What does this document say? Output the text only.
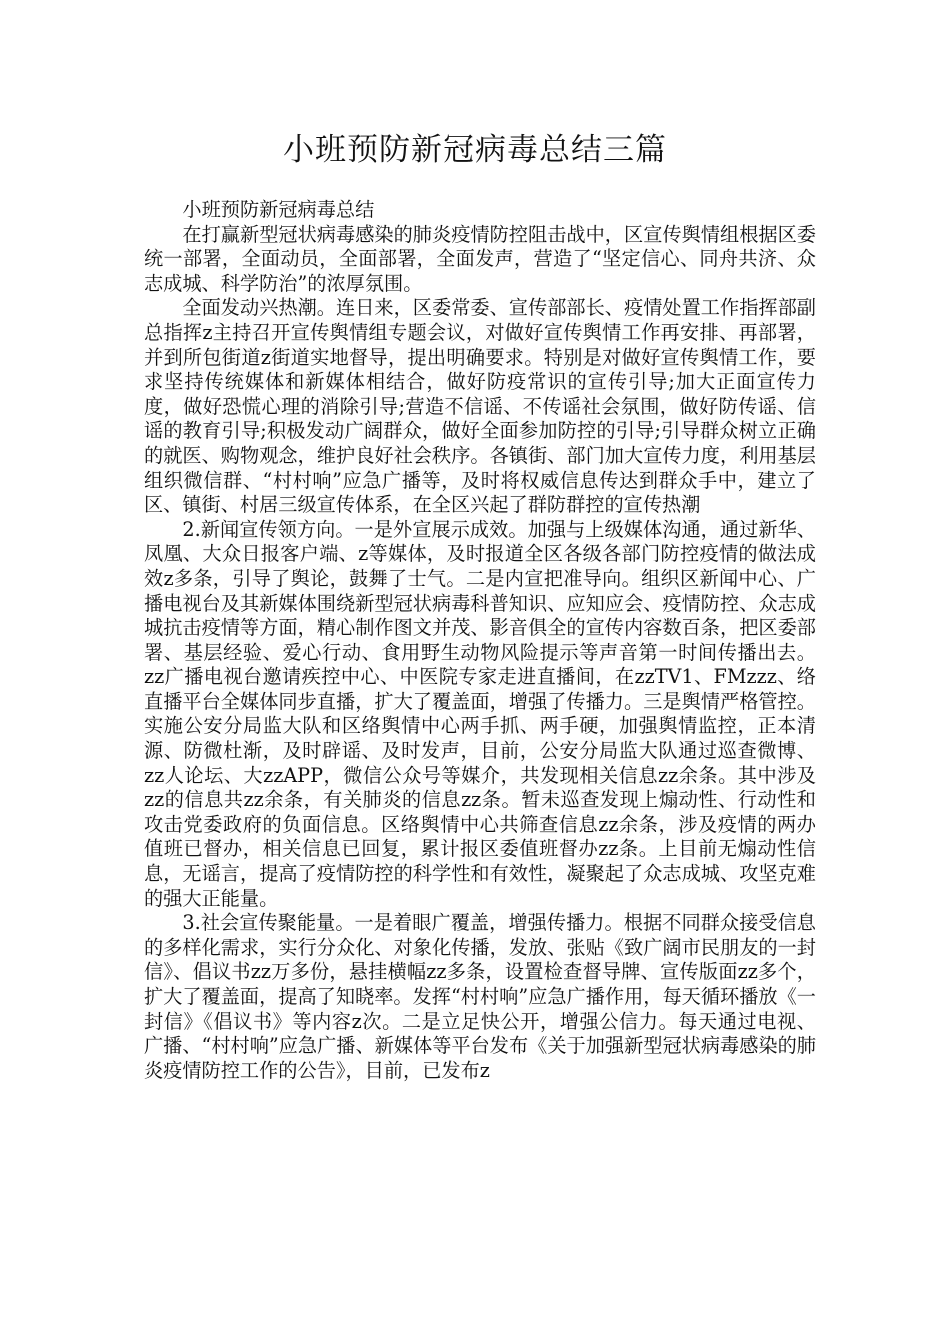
小班预防新冠病毒总结三篇

小班预防新冠病毒总结

在打赢新型冠状病毒感染的肺炎疫情防控阻击战中，区宣传舆情组根据区委统一部署，全面动员，全面部署，全面发声，营造了“坚定信心、同舟共济、众志成城、科学防治”的浓厚氛围。

全面发动兴热潮。连日来，区委常委、宣传部部长、疫情处置工作指挥部副总指挥z主持召开宣传舆情组专题会议，对做好宣传舆情工作再安排、再部署，并到所包街道z街道实地督导，提出明确要求。特别是对做好宣传舆情工作，要求坚持传统媒体和新媒体相结合，做好防疫常识的宣传引导;加大正面宣传力度，做好恐慌心理的消除引导;营造不信谣、不传谣社会氛围，做好防传谣、信谣的教育引导;积极发动广阔群众，做好全面参加防控的引导;引导群众树立正确的就医、购物观念，维护良好社会秩序。各镇街、部门加大宣传力度，利用基层组织微信群、“村村响”应急广播等，及时将权威信息传达到群众手中，建立了区、镇街、村居三级宣传体系，在全区兴起了群防群控的宣传热潮

2.新闻宣传领方向。一是外宣展示成效。加强与上级媒体沟通，通过新华、凤凰、大众日报客户端、z等媒体，及时报道全区各级各部门防控疫情的做法成效z多条，引导了舆论，鼓舞了士气。二是内宣把准导向。组织区新闻中心、广播电视台及其新媒体围绕新型冠状病毒科普知识、应知应会、疫情防控、众志成城抗击疫情等方面，精心制作图文并茂、影音俱全的宣传内容数百条，把区委部署、基层经验、爱心行动、食用野生动物风险提示等声音第一时间传播出去。zz广播电视台邀请疾控中心、中医院专家走进直播间，在zzTV1、FMzzz、络直播平台全媒体同步直播，扩大了覆盖面，增强了传播力。三是舆情严格管控。实施公安分局监大队和区络舆情中心两手抓、两手硬，加强舆情监控，正本清源、防微杜渐，及时辟谣、及时发声，目前，公安分局监大队通过巡查微博、zz人论坛、大zzAPP，微信公众号等媒介，共发现相关信息zz余条。其中涉及zz的信息共zz余条，有关肺炎的信息zz条。暂未巡查发现上煽动性、行动性和攻击党委政府的负面信息。区络舆情中心共筛查信息zz余条，涉及疫情的两办值班已督办，相关信息已回复，累计报区委值班督办zz条。上目前无煽动性信息，无谣言，提高了疫情防控的科学性和有效性，凝聚起了众志成城、攻坚克难的强大正能量。

3.社会宣传聚能量。一是着眼广覆盖，增强传播力。根据不同群众接受信息的多样化需求，实行分众化、对象化传播，发放、张贴《致广阔市民朋友的一封信》、倡议书zz万多份，悬挂横幅zz多条，设置检查督导牌、宣传版面zz多个，扩大了覆盖面，提高了知晓率。发挥“村村响”应急广播作用，每天循环播放《一封信》《倡议书》等内容z次。二是立足快公开，增强公信力。每天通过电视、广播、“村村响”应急广播、新媒体等平台发布《关于加强新型冠状病毒感染的肺炎疫情防控工作的公告》，目前，已发布z
